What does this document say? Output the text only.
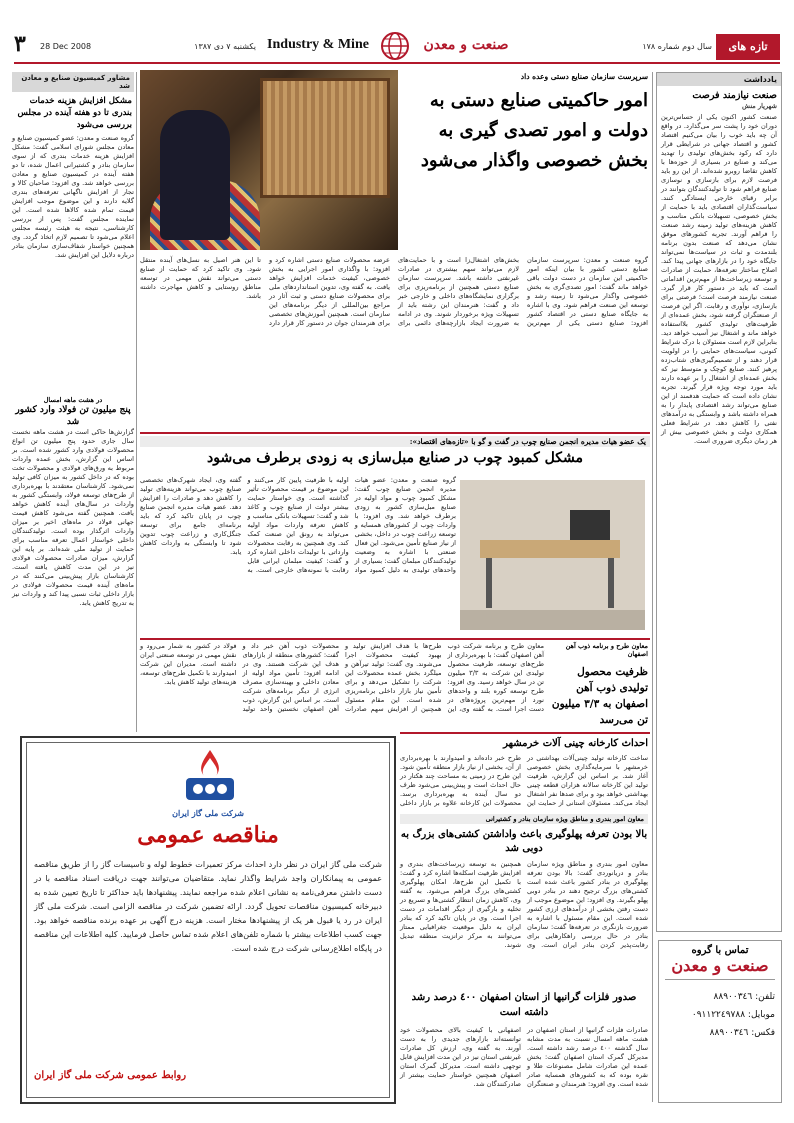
ﺗﺎزه هاﯼ
ﺳﺎل دوم شماره ١٧٨
صنعت و معدن
Industry & Mine
یکشنبه ٧ دی ١٣٨٧
28 Dec 2008
٣
یادداشت
صنعت نیازمند فرصت
شهریار منش
صنعت کشور اکنون یکی از حساس‌ترین دوران خود را پشت سر می‌گذارد. در واقع آن چه باید خوب را بیان می‌کنیم اقتصاد کشور و اقتصاد جهانی در شرایطی قرار دارد که رکود بخش‌های تولیدی را تهدید می‌کند و صنایع در بسیاری از حوزه‌ها با کاهش تقاضا روبرو شده‌اند. از این رو باید فرصت لازم برای بازسازی و نوسازی صنایع فراهم شود تا تولیدکنندگان بتوانند در برابر رقبای خارجی ایستادگی کنند. سیاست‌گذاران اقتصادی باید با حمایت از بخش خصوصی، تسهیلات بانکی مناسب و کاهش هزینه‌های تولید زمینه رشد صنعت را فراهم آورند. تجربه کشورهای موفق نشان می‌دهد که صنعت بدون برنامه بلندمدت و ثبات در سیاست‌ها نمی‌تواند جایگاه خود را در بازارهای جهانی پیدا کند. اصلاح ساختار تعرفه‌ها، حمایت از صادرات و توسعه زیرساخت‌ها از مهم‌ترین اقداماتی است که باید در دستور کار قرار گیرد. صنعت نیازمند فرصت است؛ فرصتی برای بازسازی، نوآوری و رقابت. اگر این فرصت از صنعتگران گرفته شود، بخش عمده‌ای از ظرفیت‌های تولیدی کشور بلااستفاده خواهد ماند و اشتغال نیز آسیب خواهد دید. بنابراین لازم است مسئولان با درک شرایط کنونی، سیاست‌های حمایتی را در اولویت قرار دهند و از تصمیم‌گیری‌های شتاب‌زده پرهیز کنند. صنایع کوچک و متوسط نیز که بخش عمده‌ای از اشتغال را بر عهده دارند باید مورد توجه ویژه قرار گیرند. تجربه نشان داده است که حمایت هدفمند از این صنایع می‌تواند رشد اقتصادی پایدار را به همراه داشته باشد و وابستگی به درآمدهای نفتی را کاهش دهد. در شرایط فعلی همکاری دولت و بخش خصوصی بیش از هر زمان دیگری ضروری است.
تماس با گروه
صنعت و معدن
تلفن: ٨٨٩٠٠٣٤٦
موبایل: ٠٩١١٢٢٤٩٧٨٨
فکس: ٨٨٩٠٠٣٤٦
سرپرست سازمان صنایع دستی وعده داد
امور حاکمیتی صنایع دستی به دولت و امور تصدی گیری به بخش خصوصی واگذار می‌شود
گروه صنعت و معدن: سرپرست سازمان صنایع دستی کشور با بیان اینکه امور حاکمیتی این سازمان در دست دولت باقی خواهد ماند گفت: امور تصدی‌گری به بخش خصوصی واگذار می‌شود تا زمینه رشد و توسعه این صنعت فراهم شود. وی با اشاره به جایگاه صنایع دستی در اقتصاد کشور افزود: صنایع دستی یکی از مهم‌ترین بخش‌های اشتغال‌زا است و با حمایت‌های لازم می‌تواند سهم بیشتری در صادرات غیرنفتی داشته باشد. سرپرست سازمان صنایع دستی همچنین از برنامه‌ریزی برای برگزاری نمایشگاه‌های داخلی و خارجی خبر داد و گفت: هنرمندان این رشته باید از تسهیلات ویژه برخوردار شوند. وی در ادامه به ضرورت ایجاد بازارچه‌های دائمی برای عرضه محصولات صنایع دستی اشاره کرد و افزود: با واگذاری امور اجرایی به بخش خصوصی، کیفیت خدمات افزایش خواهد یافت. به گفته وی، تدوین استانداردهای ملی برای محصولات صنایع دستی و ثبت آثار در مراجع بین‌المللی از دیگر برنامه‌های این سازمان است. همچنین آموزش‌های تخصصی برای هنرمندان جوان در دستور کار قرار دارد تا این هنر اصیل به نسل‌های آینده منتقل شود. وی تاکید کرد که حمایت از صنایع دستی می‌تواند نقش مهمی در توسعه مناطق روستایی و کاهش مهاجرت داشته باشد.
مشاور کمیسیون صنایع و معادن شد
مشکل افزایش هزینه خدمات بندری تا دو هفته آینده در مجلس بررسی می‌شود
گروه صنعت و معدن: عضو کمیسیون صنایع و معادن مجلس شورای اسلامی گفت: مشکل افزایش هزینه خدمات بندری که از سوی سازمان بنادر و کشتیرانی اعمال شده، تا دو هفته آینده در کمیسیون صنایع و معادن بررسی خواهد شد. وی افزود: صاحبان کالا و تجار از افزایش ناگهانی تعرفه‌های بندری گلایه دارند و این موضوع موجب افزایش قیمت تمام شده کالاها شده است. این نماینده مجلس گفت: پس از بررسی کارشناسی، نتیجه به هیئت رئیسه مجلس اعلام می‌شود تا تصمیم لازم اتخاذ گردد. وی همچنین خواستار شفاف‌سازی سازمان بنادر درباره دلایل این افزایش شد.
در هشت ماهه امسال
پنج میلیون تن فولاد وارد کشور شد
گزارش‌ها حاکی است در هشت ماهه نخست سال جاری حدود پنج میلیون تن انواع محصولات فولادی وارد کشور شده است. بر اساس این گزارش، بخش عمده واردات مربوط به ورق‌های فولادی و محصولات تخت بوده که در داخل کشور به میزان کافی تولید نمی‌شود. کارشناسان معتقدند با بهره‌برداری از طرح‌های توسعه فولاد، وابستگی کشور به واردات در سال‌های آینده کاهش خواهد یافت. همچنین گفته می‌شود کاهش قیمت جهانی فولاد در ماه‌های اخیر بر میزان واردات اثرگذار بوده است. تولیدکنندگان داخلی خواستار اعمال تعرفه مناسب برای حمایت از تولید ملی شده‌اند. بر پایه این گزارش، میزان صادرات محصولات فولادی نیز در این مدت کاهش یافته است. کارشناسان بازار پیش‌بینی می‌کنند که در ماه‌های آینده قیمت محصولات فولادی در بازار داخلی ثبات نسبی پیدا کند و واردات نیز به تدریج کاهش یابد.
یک عضو هیات مدیره انجمن صنایع چوب در گفت و گو با «تازه‌های اقتصاد»:
مشکل کمبود چوب در صنایع مبل‌سازی به زودی برطرف می‌شود
گروه صنعت و معدن: عضو هیات مدیره انجمن صنایع چوب گفت: مشکل کمبود چوب و مواد اولیه در صنایع مبل‌سازی کشور به زودی برطرف خواهد شد. وی افزود: با واردات چوب از کشورهای همسایه و توسعه زراعت چوب در داخل، بخشی از نیاز صنایع تأمین می‌شود. این فعال صنعتی با اشاره به وضعیت تولیدکنندگان مبلمان گفت: بسیاری از واحدهای تولیدی به دلیل کمبود مواد اولیه با ظرفیت پایین کار می‌کنند و این موضوع بر قیمت محصولات تأثیر گذاشته است. وی خواستار حمایت بیشتر دولت از صنایع چوب و کاغذ شد و گفت: تسهیلات بانکی مناسب و کاهش تعرفه واردات مواد اولیه می‌تواند به رونق این صنعت کمک کند. وی همچنین به رقابت محصولات وارداتی با تولیدات داخلی اشاره کرد و گفت: کیفیت مبلمان ایرانی قابل رقابت با نمونه‌های خارجی است. به گفته وی، ایجاد شهرک‌های تخصصی صنایع چوب می‌تواند هزینه‌های تولید را کاهش دهد و صادرات را افزایش دهد. عضو هیات مدیره انجمن صنایع چوب در پایان تاکید کرد که باید برنامه‌ای جامع برای توسعه جنگل‌کاری و زراعت چوب تدوین شود تا وابستگی به واردات کاهش یابد.
معاون طرح و برنامه ذوب آهن اصفهان
ظرفیت محصول تولیدی ذوب آهن اصفهان به ٣/٣ میلیون تن می‌رسد
معاون طرح و برنامه شرکت ذوب آهن اصفهان گفت: با بهره‌برداری از طرح‌های توسعه، ظرفیت محصول تولیدی این شرکت به ٣/٣ میلیون تن در سال خواهد رسید. وی افزود: طرح توسعه کوره بلند و واحدهای نورد از مهم‌ترین پروژه‌های در دست اجرا است. به گفته وی، این طرح‌ها با هدف افزایش تولید و بهبود کیفیت محصولات اجرا می‌شوند. وی گفت: تولید تیرآهن و میلگرد بخش عمده محصولات این شرکت را تشکیل می‌دهد و برای تأمین نیاز بازار داخلی برنامه‌ریزی شده است. این مقام مسئول همچنین از افزایش سهم صادرات محصولات ذوب آهن خبر داد و گفت: کشورهای منطقه از بازارهای هدف این شرکت هستند. وی در ادامه افزود: تأمین مواد اولیه از معادن داخلی و بهینه‌سازی مصرف انرژی از دیگر برنامه‌های شرکت است. بر اساس این گزارش، ذوب آهن اصفهان نخستین واحد تولید فولاد در کشور به شمار می‌رود و نقش مهمی در توسعه صنعتی ایران داشته است. مدیران این شرکت امیدوارند با تکمیل طرح‌های توسعه، هزینه‌های تولید کاهش یابد.
احداث کارخانه چینی آلات خرمشهر
ساخت کارخانه تولید چینی‌آلات بهداشتی در خرمشهر با سرمایه‌گذاری بخش خصوصی آغاز شد. بر اساس این گزارش، ظرفیت تولید این کارخانه سالانه هزاران قطعه چینی بهداشتی خواهد بود و برای صدها نفر اشتغال ایجاد می‌کند. مسئولان استانی از حمایت این طرح خبر داده‌اند و امیدوارند با بهره‌برداری از آن، بخشی از نیاز بازار منطقه تأمین شود. این طرح در زمینی به مساحت چند هکتار در حال احداث است و پیش‌بینی می‌شود ظرف دو سال آینده به بهره‌برداری برسد. محصولات این کارخانه علاوه بر بازار داخلی
معاون امور بندری و مناطق ویژه سازمان بنادر و کشتیرانی
بالا بودن تعرفه پهلوگیری باعث واداشتن کشتی‌های بزرگ به دوبی شد
معاون امور بندری و مناطق ویژه سازمان بنادر و دریانوردی گفت: بالا بودن تعرفه پهلوگیری در بنادر کشور باعث شده است کشتی‌های بزرگ ترجیح دهند در بنادر دوبی پهلو بگیرند. وی افزود: این موضوع موجب از دست رفتن بخشی از درآمدهای ارزی کشور شده است. این مقام مسئول با اشاره به ضرورت بازنگری در تعرفه‌ها گفت: سازمان بنادر در حال بررسی راهکارهایی برای رقابت‌پذیر کردن بنادر ایران است. وی همچنین به توسعه زیرساخت‌های بندری و افزایش ظرفیت اسکله‌ها اشاره کرد و گفت: با تکمیل این طرح‌ها، امکان پهلوگیری کشتی‌های بزرگ فراهم می‌شود. به گفته وی، کاهش زمان انتظار کشتی‌ها و تسریع در تخلیه و بارگیری از دیگر اقدامات در دست اجرا است. وی در پایان تاکید کرد که بنادر ایران به دلیل موقعیت جغرافیایی ممتاز می‌توانند به مرکز ترانزیت منطقه تبدیل شوند.
صدور فلزات گرانبها از استان اصفهان ٤٠٠ درصد رشد داشته است
صادرات فلزات گرانبها از استان اصفهان در هشت ماهه امسال نسبت به مدت مشابه سال گذشته ٤٠٠ درصد رشد داشته است. مدیرکل گمرک استان اصفهان گفت: بخش عمده این صادرات شامل مصنوعات طلا و نقره بوده که به کشورهای همسایه صادر شده است. وی افزود: هنرمندان و صنعتگران اصفهانی با کیفیت بالای محصولات خود توانسته‌اند بازارهای جدیدی را به دست آورند. به گفته وی، ارزش کل صادرات غیرنفتی استان نیز در این مدت افزایش قابل توجهی داشته است. مدیرکل گمرک استان اصفهان همچنین خواستار حمایت بیشتر از صادرکنندگان شد.
شرکت ملی گاز ایران
مناقصه عمومی
شرکت ملی گاز ایران در نظر دارد احداث مرکز تعمیرات خطوط لوله و تاسیسات گاز را از طریق مناقصه عمومی به پیمانکاران واجد شرایط واگذار نماید. متقاضیان می‌توانند جهت دریافت اسناد مناقصه با در دست داشتن معرفی‌نامه به نشانی اعلام شده مراجعه نمایند. پیشنهادها باید حداکثر تا تاریخ تعیین شده به دبیرخانه کمیسیون مناقصات تحویل گردد. ارائه تضمین شرکت در مناقصه الزامی است. شرکت ملی گاز ایران در رد یا قبول هر یک از پیشنهادها مختار است. هزینه درج آگهی بر عهده برنده مناقصه خواهد بود. جهت کسب اطلاعات بیشتر با شماره تلفن‌های اعلام شده تماس حاصل فرمایید. کلیه اطلاعات این مناقصه در پایگاه اطلاع‌رسانی شرکت درج شده است.
روابط عمومی شرکت ملی گاز ایران
